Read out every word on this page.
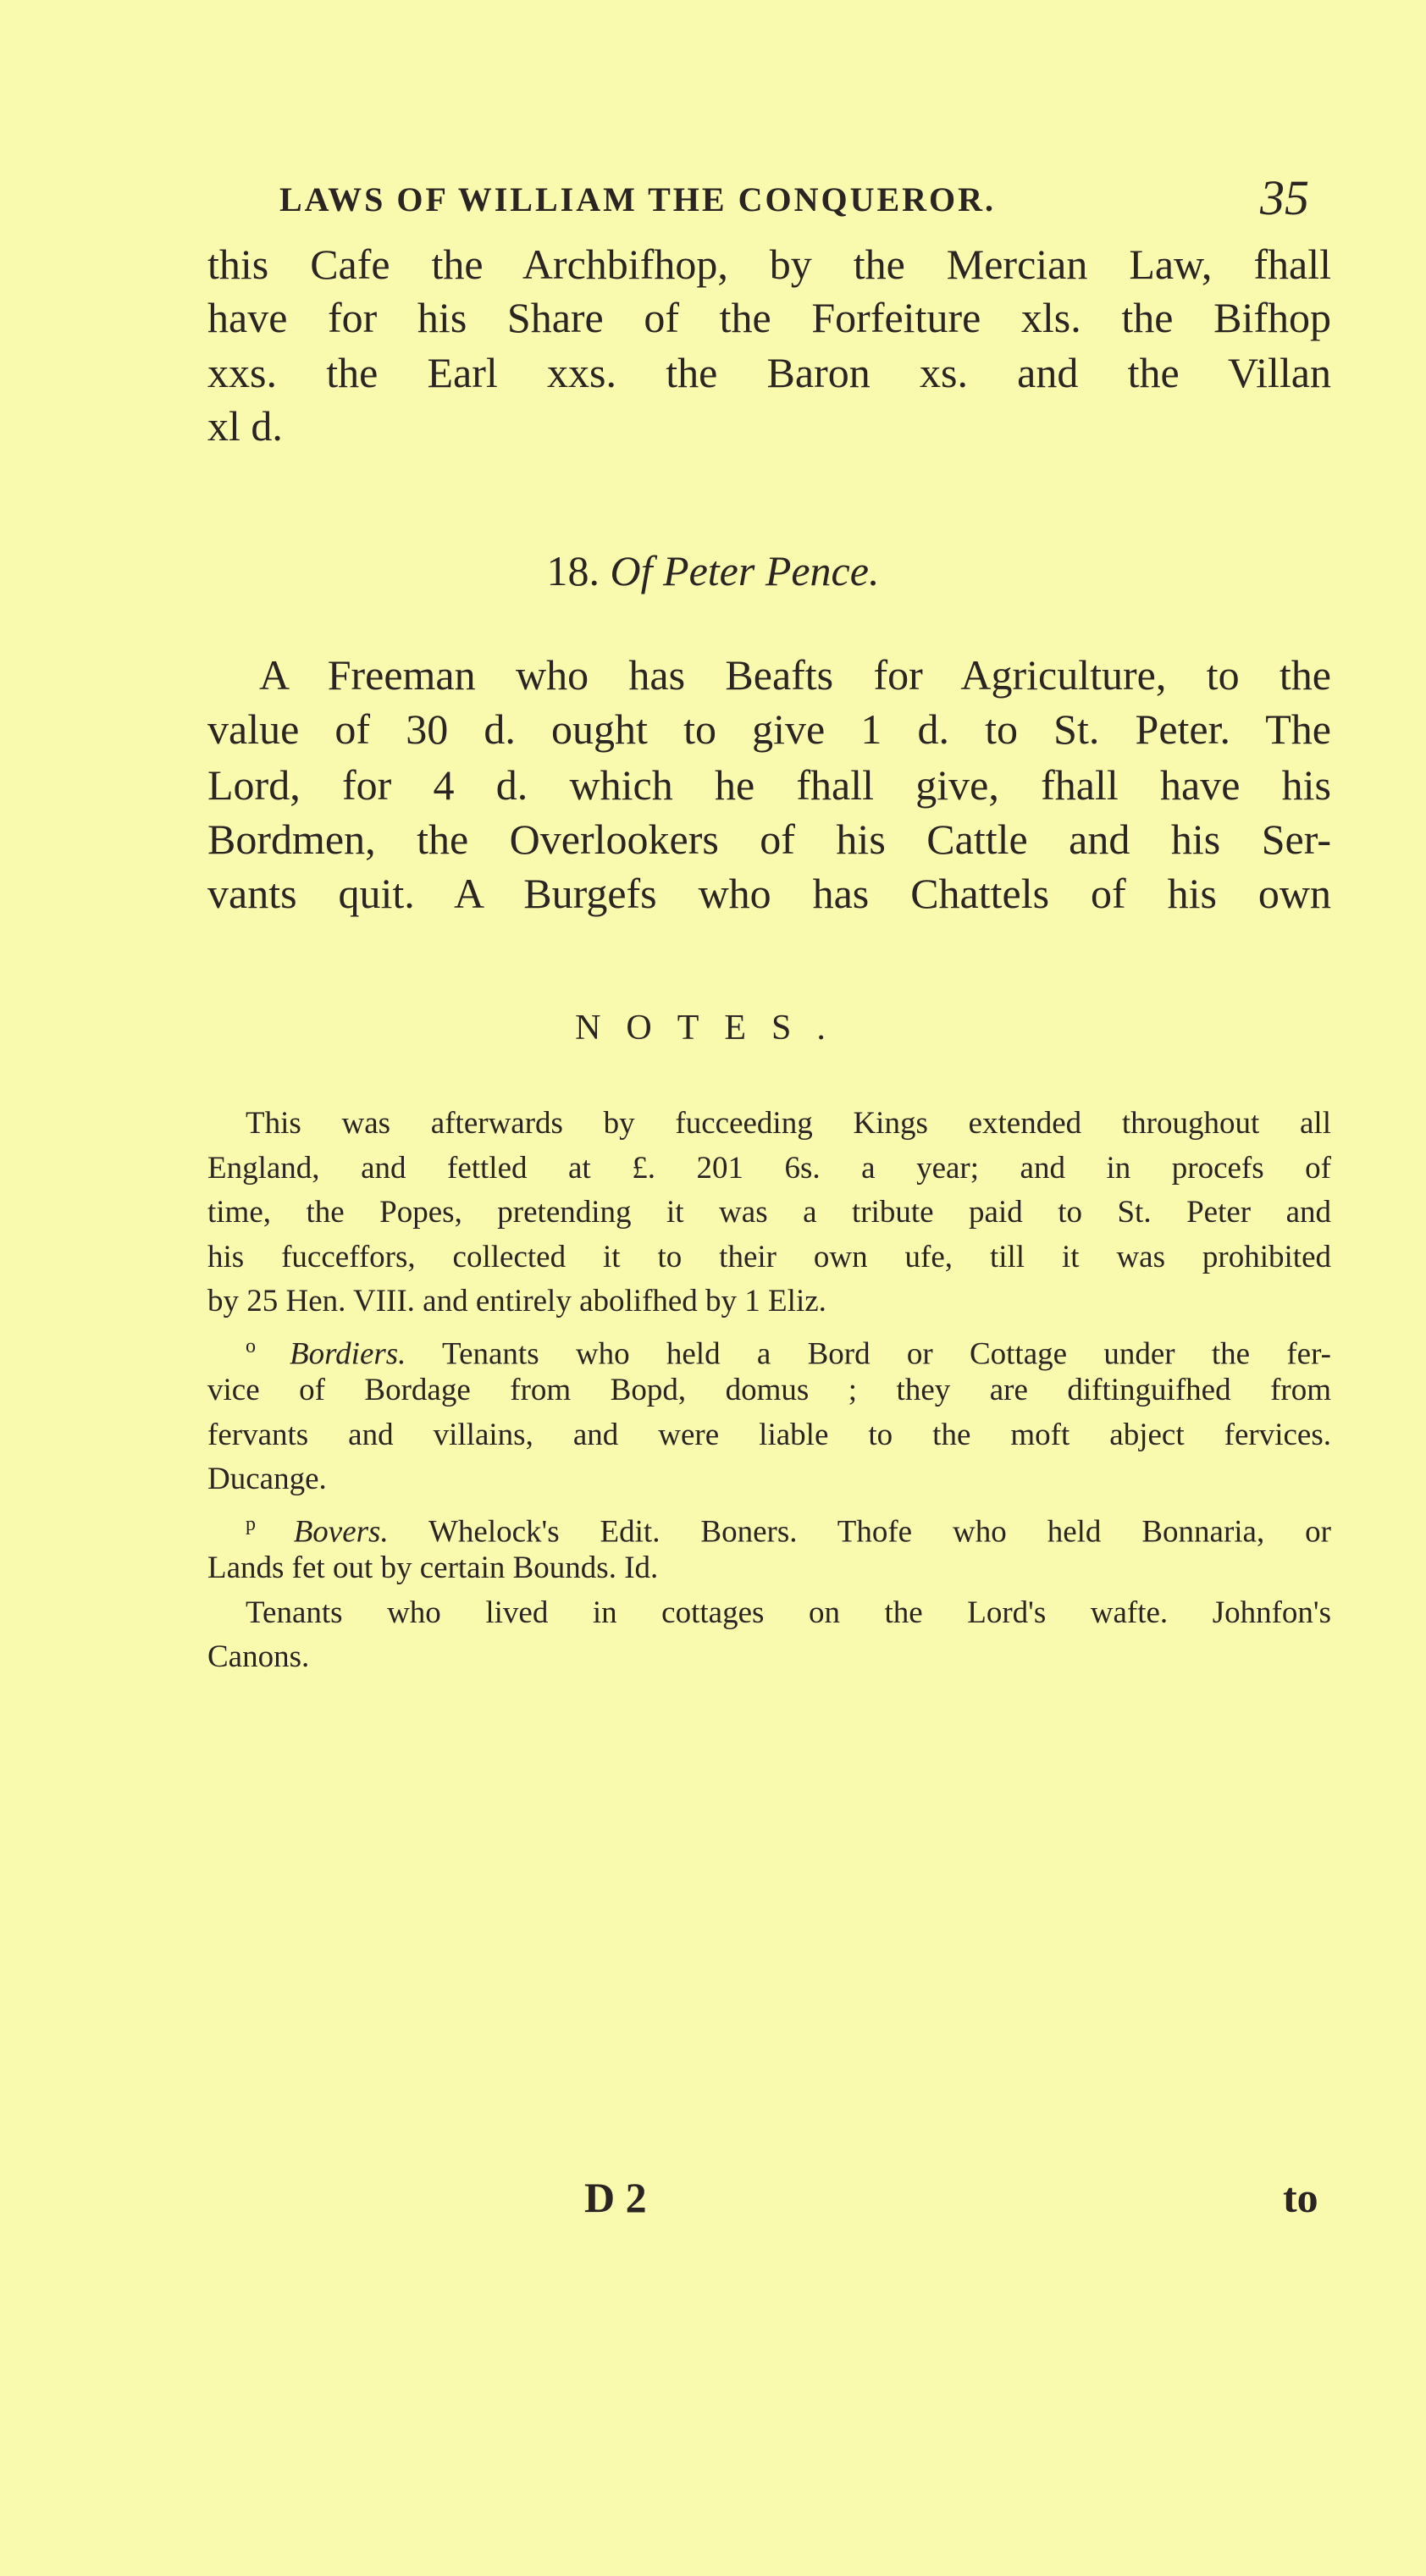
LAWS OF WILLIAM THE CONQUEROR.	35
this Cafe the Archbifhop, by the Mercian Law, fhall
have for his Share of the Forfeiture xls. the Bifhop
xxs. the Earl xxs. the Baron xs. and the Villan
xl d.
18. Of Peter Pence.
A Freeman who has Beafts for Agriculture, to the
value of 30 d. ought to give 1 d. to St. Peter. The
Lord, for 4 d. which he fhall give, fhall have his
Bordmen, the Overlookers of his Cattle and his Ser-
vants quit. A Burgefs who has Chattels of his own
NOTES.
This was afterwards by fucceeding Kings extended throughout all
England, and fettled at £. 201 6s. a year; and in procefs of
time, the Popes, pretending it was a tribute paid to St. Peter and
his fucceffors, collected it to their own ufe, till it was prohibited
by 25 Hen. VIII. and entirely abolifhed by 1 Eliz.
$^o$ Bordiers. Tenants who held a Bord or Cottage under the fer-
vice of Bordage from Bopd, domus ; they are diftinguifhed from
fervants and villains, and were liable to the moft abject fervices.
Ducange.
$^p$ Bovers. Whelock's Edit. Boners. Thofe who held Bonnaria, or
Lands fet out by certain Bounds. Id.
Tenants who lived in cottages on the Lord's wafte. Johnfon's
Canons.
D 2	to
